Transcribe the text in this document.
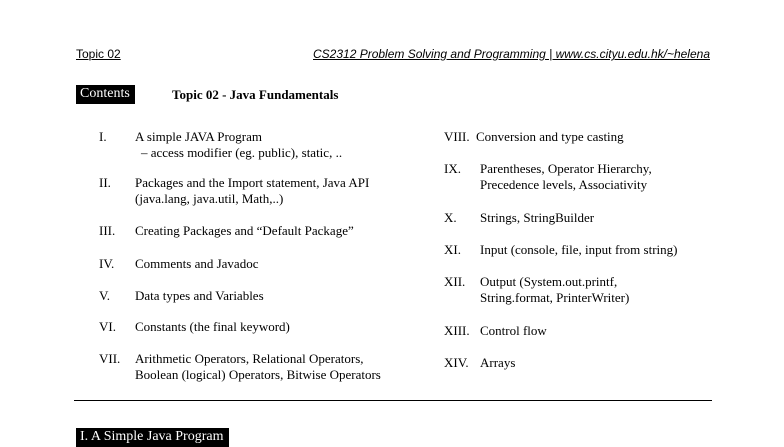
Topic 02	CS2312 Problem Solving and Programming | www.cs.cityu.edu.hk/~helena
Contents	Topic 02 - Java Fundamentals
I. A simple JAVA Program
– access modifier (eg. public), static, ..
II. Packages and the Import statement, Java API
(java.lang, java.util, Math,..)
III. Creating Packages and “Default Package”
IV. Comments and Javadoc
V. Data types and Variables
VI. Constants (the final keyword)
VII. Arithmetic Operators, Relational Operators,
Boolean (logical) Operators, Bitwise Operators
VIII. Conversion and type casting
IX. Parentheses, Operator Hierarchy,
Precedence levels, Associativity
X. Strings, StringBuilder
XI. Input (console, file, input from string)
XII. Output (System.out.printf,
String.format, PrinterWriter)
XIII. Control flow
XIV. Arrays
I. A Simple Java Program
